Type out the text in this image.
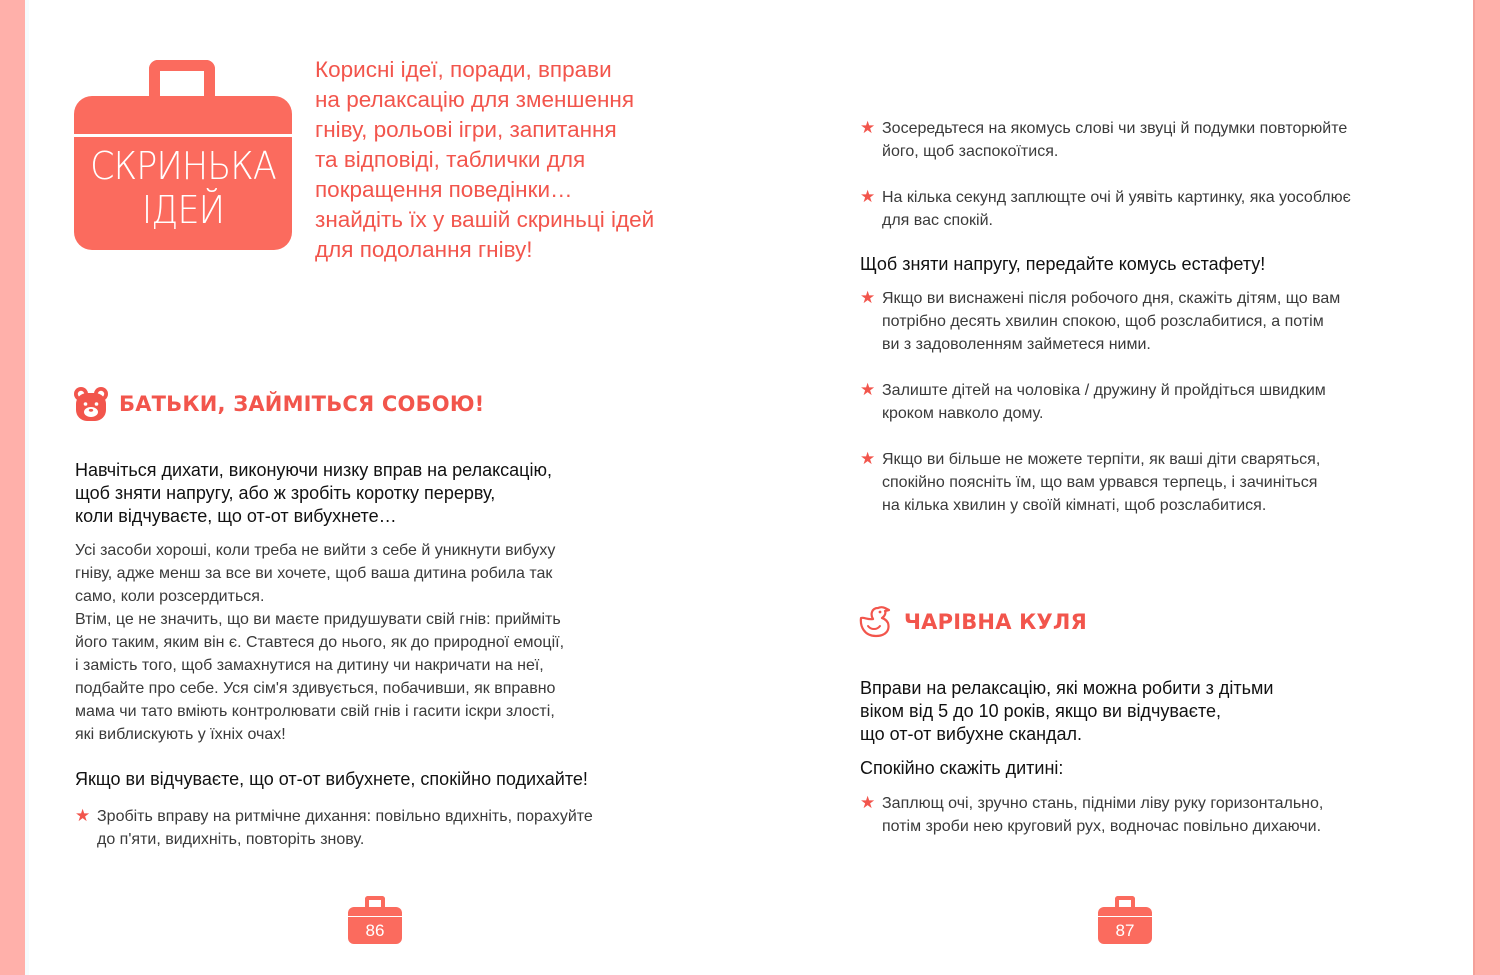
СКРИНЬКА
ІДЕЙ
Корисні ідеї, поради, вправи
на релаксацію для зменшення
гніву, рольові ігри, запитання
та відповіді, таблички для
покращення поведінки…
знайдіть їх у вашій скриньці ідей
для подолання гніву!
БАТЬКИ, ЗАЙМІТЬСЯ СОБОЮ!
Навчіться дихати, виконуючи низку вправ на релаксацію,
щоб зняти напругу, або ж зробіть коротку перерву,
коли відчуваєте, що от-от вибухнете…
Усі засоби хороші, коли треба не вийти з себе й уникнути вибуху
гніву, адже менш за все ви хочете, щоб ваша дитина робила так
само, коли розсердиться.
Втім, це не значить, що ви маєте придушувати свій гнів: прийміть
його таким, яким він є. Ставтеся до нього, як до природної емоції,
і замість того, щоб замахнутися на дитину чи накричати на неї,
подбайте про себе. Уся сім'я здивується, побачивши, як вправно
мама чи тато вміють контролювати свій гнів і гасити іскри злості,
які виблискують у їхніх очах!
Якщо ви відчуваєте, що от-от вибухнете, спокійно подихайте!
★ Зробіть вправу на ритмічне дихання: повільно вдихніть, порахуйте
до п'яти, видихніть, повторіть знову.
86
★ Зосередьтеся на якомусь слові чи звуці й подумки повторюйте
його, щоб заспокоїтися.
★ На кілька секунд заплющте очі й уявіть картинку, яка уособлює
для вас спокій.
Щоб зняти напругу, передайте комусь естафету!
★ Якщо ви виснажені після робочого дня, скажіть дітям, що вам
потрібно десять хвилин спокою, щоб розслабитися, а потім
ви з задоволенням займетеся ними.
★ Залиште дітей на чоловіка / дружину й пройдіться швидким
кроком навколо дому.
★ Якщо ви більше не можете терпіти, як ваші діти сваряться,
спокійно поясніть їм, що вам урвався терпець, і зачиніться
на кілька хвилин у своїй кімнаті, щоб розслабитися.
ЧАРІВНА КУЛЯ
Вправи на релаксацію, які можна робити з дітьми
віком від 5 до 10 років, якщо ви відчуваєте,
що от-от вибухне скандал.
Спокійно скажіть дитині:
★ Заплющ очі, зручно стань, підніми ліву руку горизонтально,
потім зроби нею круговий рух, водночас повільно дихаючи.
87
